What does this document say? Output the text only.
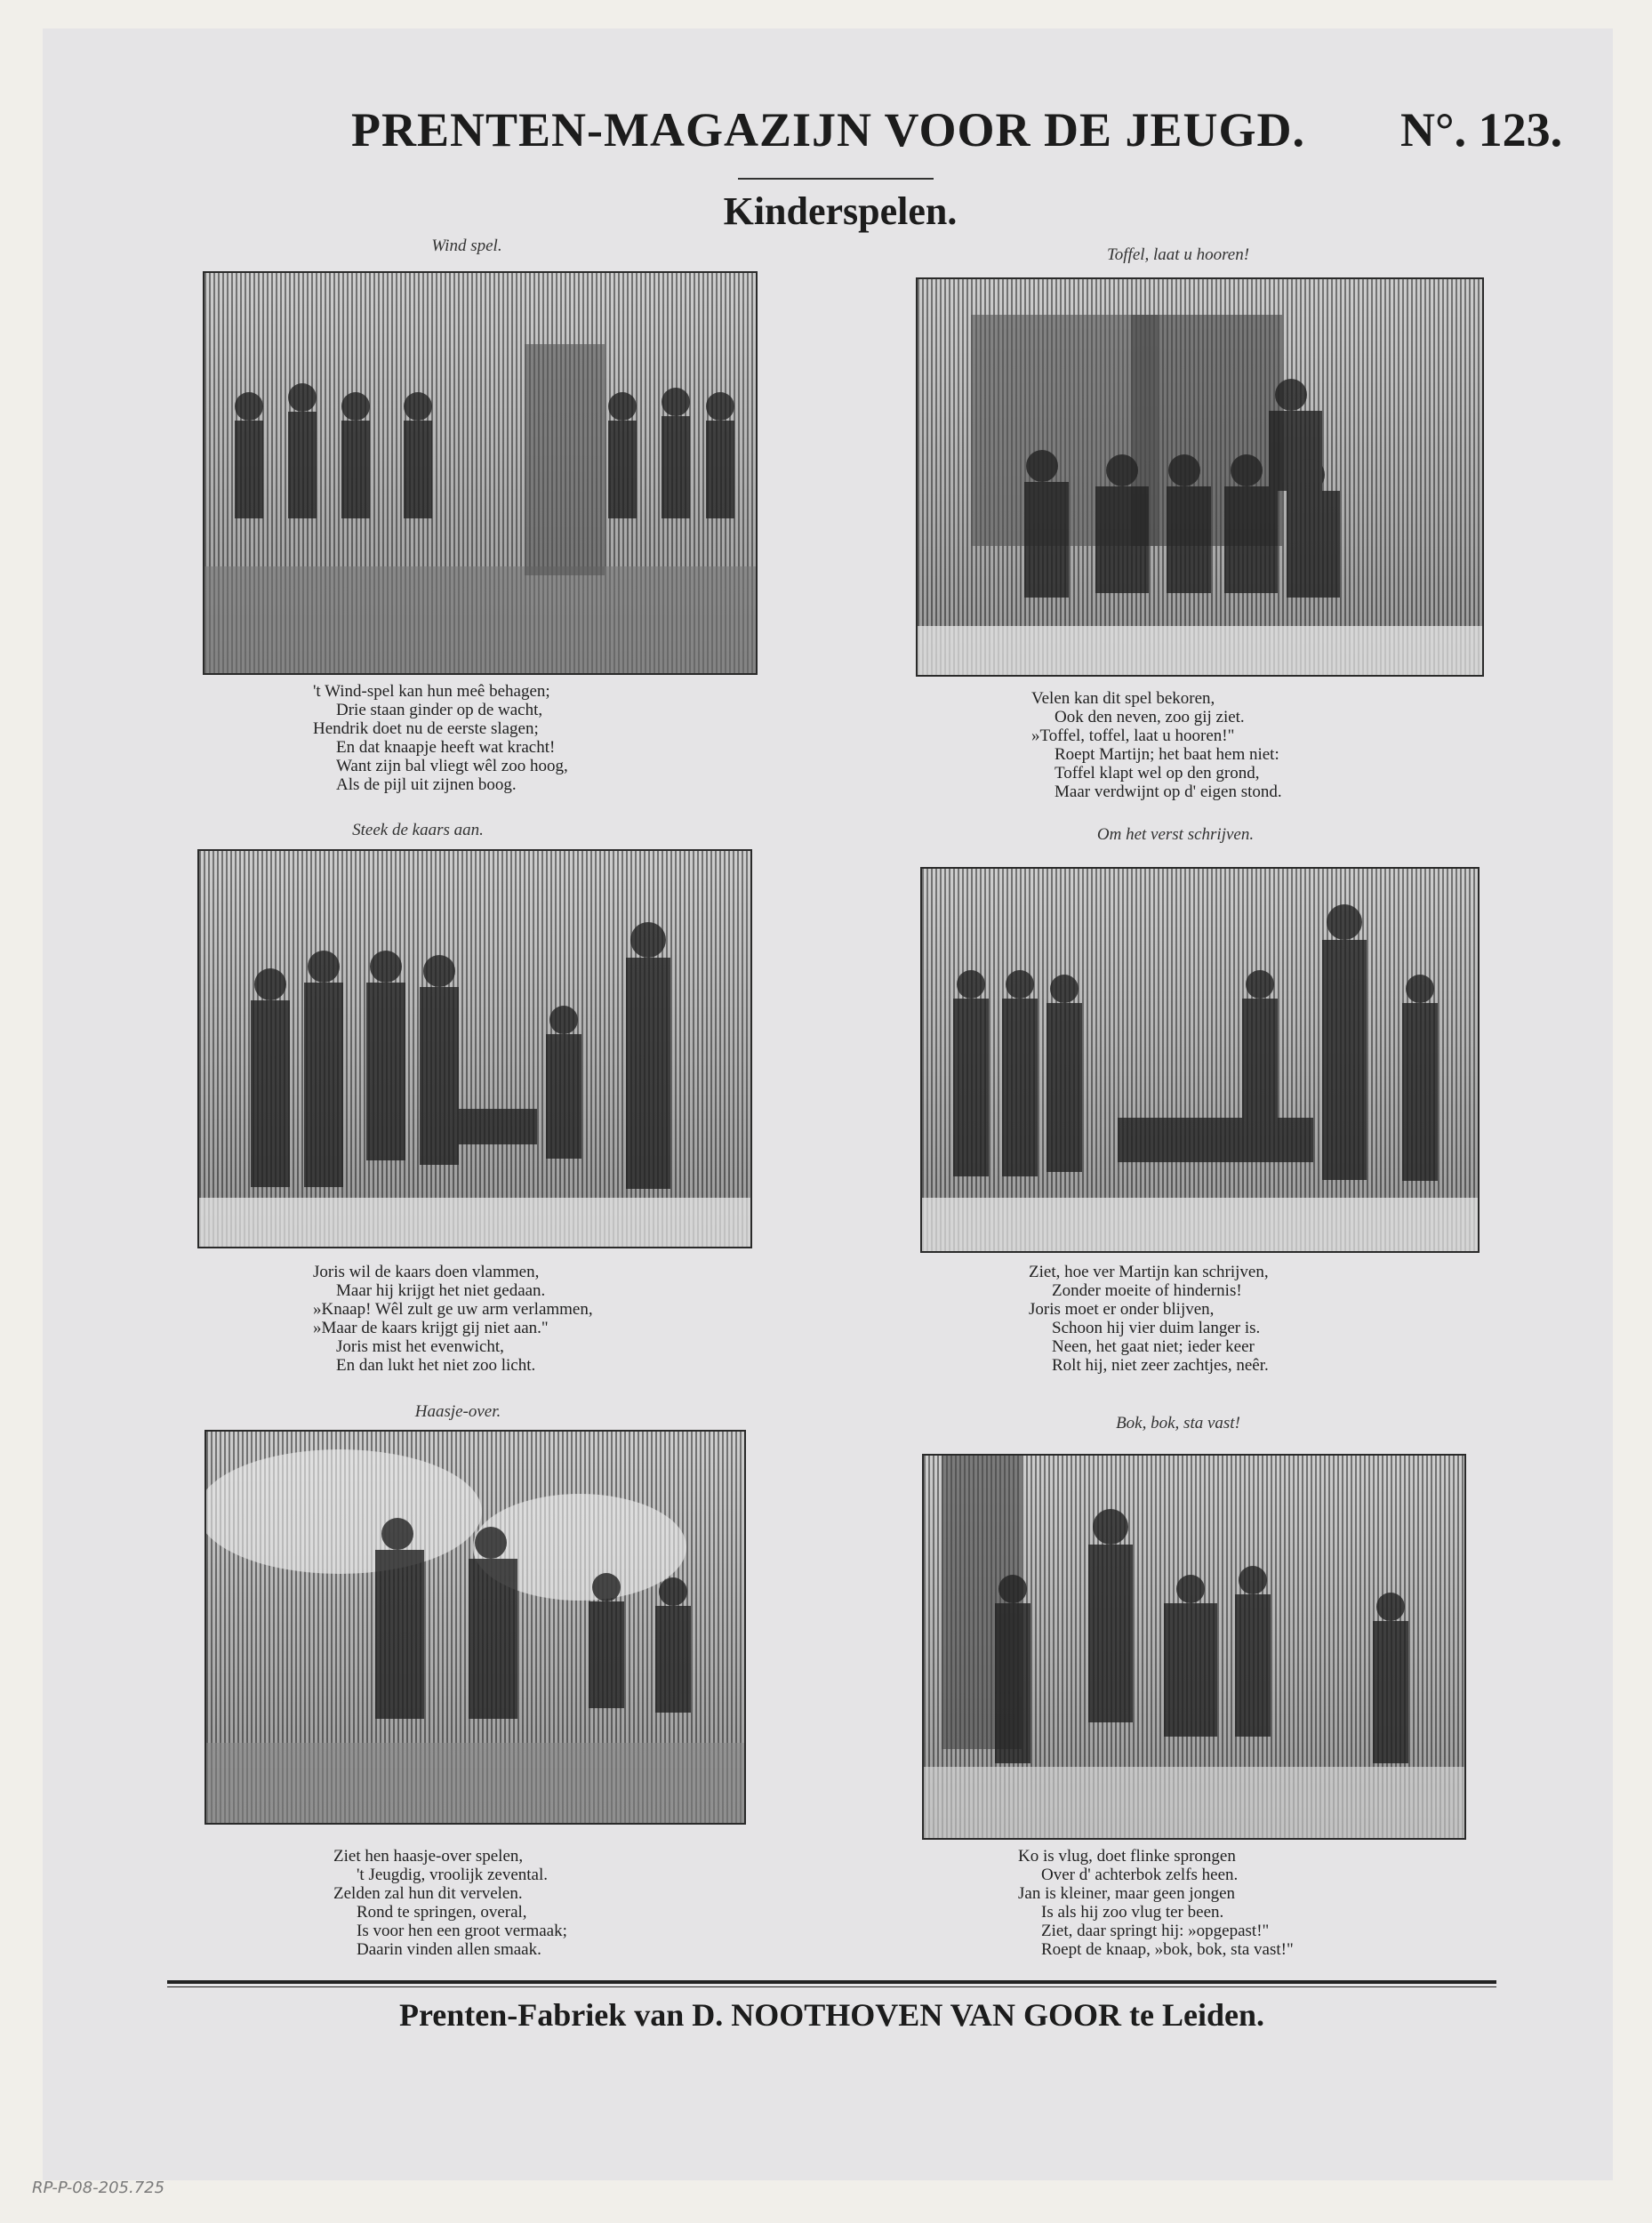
PRENTEN-MAGAZIJN VOOR DE JEUGD.	N°. 123.
Kinderspelen.
Wind spel.
't Wind-spel kan hun meê behagen;
Drie staan ginder op de wacht,
Hendrik doet nu de eerste slagen;
En dat knaapje heeft wat kracht!
Want zijn bal vliegt wêl zoo hoog,
Als de pijl uit zijnen boog.
Toffel, laat u hooren!
Velen kan dit spel bekoren,
Ook den neven, zoo gij ziet.
»Toffel, toffel, laat u hooren!"
Roept Martijn; het baat hem niet:
Toffel klapt wel op den grond,
Maar verdwijnt op d' eigen stond.
Steek de kaars aan.
Joris wil de kaars doen vlammen,
Maar hij krijgt het niet gedaan.
»Knaap! Wêl zult ge uw arm verlammen,
»Maar de kaars krijgt gij niet aan."
Joris mist het evenwicht,
En dan lukt het niet zoo licht.
Om het verst schrijven.
Ziet, hoe ver Martijn kan schrijven,
Zonder moeite of hindernis!
Joris moet er onder blijven,
Schoon hij vier duim langer is.
Neen, het gaat niet; ieder keer
Rolt hij, niet zeer zachtjes, neêr.
Haasje-over.
Ziet hen haasje-over spelen,
't Jeugdig, vroolijk zevental.
Zelden zal hun dit vervelen.
Rond te springen, overal,
Is voor hen een groot vermaak;
Daarin vinden allen smaak.
Bok, bok, sta vast!
Ko is vlug, doet flinke sprongen
Over d' achterbok zelfs heen.
Jan is kleiner, maar geen jongen
Is als hij zoo vlug ter been.
Ziet, daar springt hij: »opgepast!"
Roept de knaap, »bok, bok, sta vast!"
Prenten-Fabriek van D. NOOTHOVEN VAN GOOR te Leiden.
RP-P-08-205.725
